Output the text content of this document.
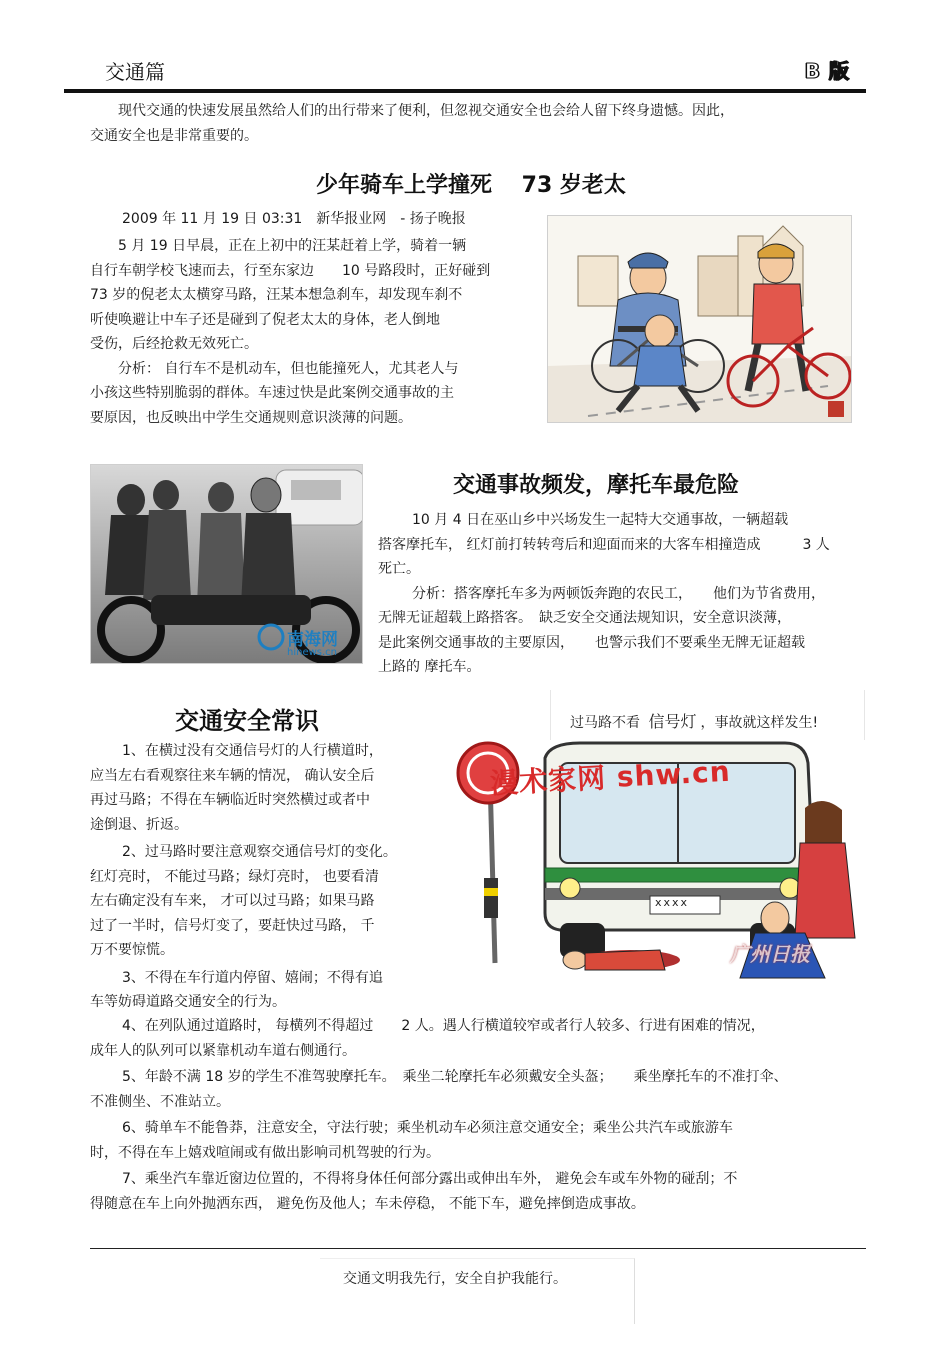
交通篇	B 版

现代交通的快速发展虽然给人们的出行带来了便利，但忽视交通安全也会给人留下终身遗憾。因此，

交通安全也是非常重要的。

少年骑车上学撞死　 73 岁老太
2009 年 11 月 19 日 03:31　新华报业网　- 扬子晚报

5 月 19 日早晨，正在上初中的汪某赶着上学，骑着一辆

自行车朝学校飞速而去，行至东家边　　10 号路段时，正好碰到

73 岁的倪老太太横穿马路，汪某本想急刹车，却发现车刹不

听使唤避让中车子还是碰到了倪老太太的身体，老人倒地

受伤，后经抢救无效死亡。

分析： 自行车不是机动车，但也能撞死人，尤其老人与

小孩这些特别脆弱的群体。车速过快是此案例交通事故的主

要原因，也反映出中学生交通规则意识淡薄的问题。

南海网
hinews.cn
交通事故频发，摩托车最危险

10 月 4 日在巫山乡中兴场发生一起特大交通事故，一辆超载

搭客摩托车， 红灯前打转转弯后和迎面而来的大客车相撞造成　　　3 人

死亡。

分析：搭客摩托车多为两顿饭奔跑的农民工，　　他们为节省费用，

无牌无证超载上路搭客。　缺乏安全交通法规知识，安全意识淡薄，

是此案例交通事故的主要原因，　　也警示我们不要乘坐无牌无证超载

上路的 摩托车。

交通安全常识	过马路不看 信号灯 ，事故就这样发生!
漫术家网 shw.cn
xxxx
广州日报

1、在横过没有交通信号灯的人行横道时，

应当左右看观察往来车辆的情况， 确认安全后

再过马路；不得在车辆临近时突然横过或者中

途倒退、折返。

2、过马路时要注意观察交通信号灯的变化。

红灯亮时， 不能过马路；绿灯亮时， 也要看清

左右确定没有车来， 才可以过马路；如果马路

过了一半时，信号灯变了，要赶快过马路， 千

万不要惊慌。

3、不得在车行道内停留、嬉闹；不得有追

车等妨碍道路交通安全的行为。

4、在列队通过道路时， 每横列不得超过　　2 人。遇人行横道较窄或者行人较多、行进有困难的情况，

成年人的队列可以紧靠机动车道右侧通行。

5、年龄不满 18 岁的学生不准驾驶摩托车。　乘坐二轮摩托车必须戴安全头盔；　　乘坐摩托车的不准打伞、

不准侧坐、不准站立。

6、骑单车不能鲁莽，注意安全，守法行驶；乘坐机动车必须注意交通安全；乘坐公共汽车或旅游车

时，不得在车上嬉戏喧闹或有做出影响司机驾驶的行为。

7、乘坐汽车靠近窗边位置的，不得将身体任何部分露出或伸出车外， 避免会车或车外物的碰刮；不

得随意在车上向外抛洒东西， 避免伤及他人；车未停稳， 不能下车，避免摔倒造成事故。

交通文明我先行，安全自护我能行。
